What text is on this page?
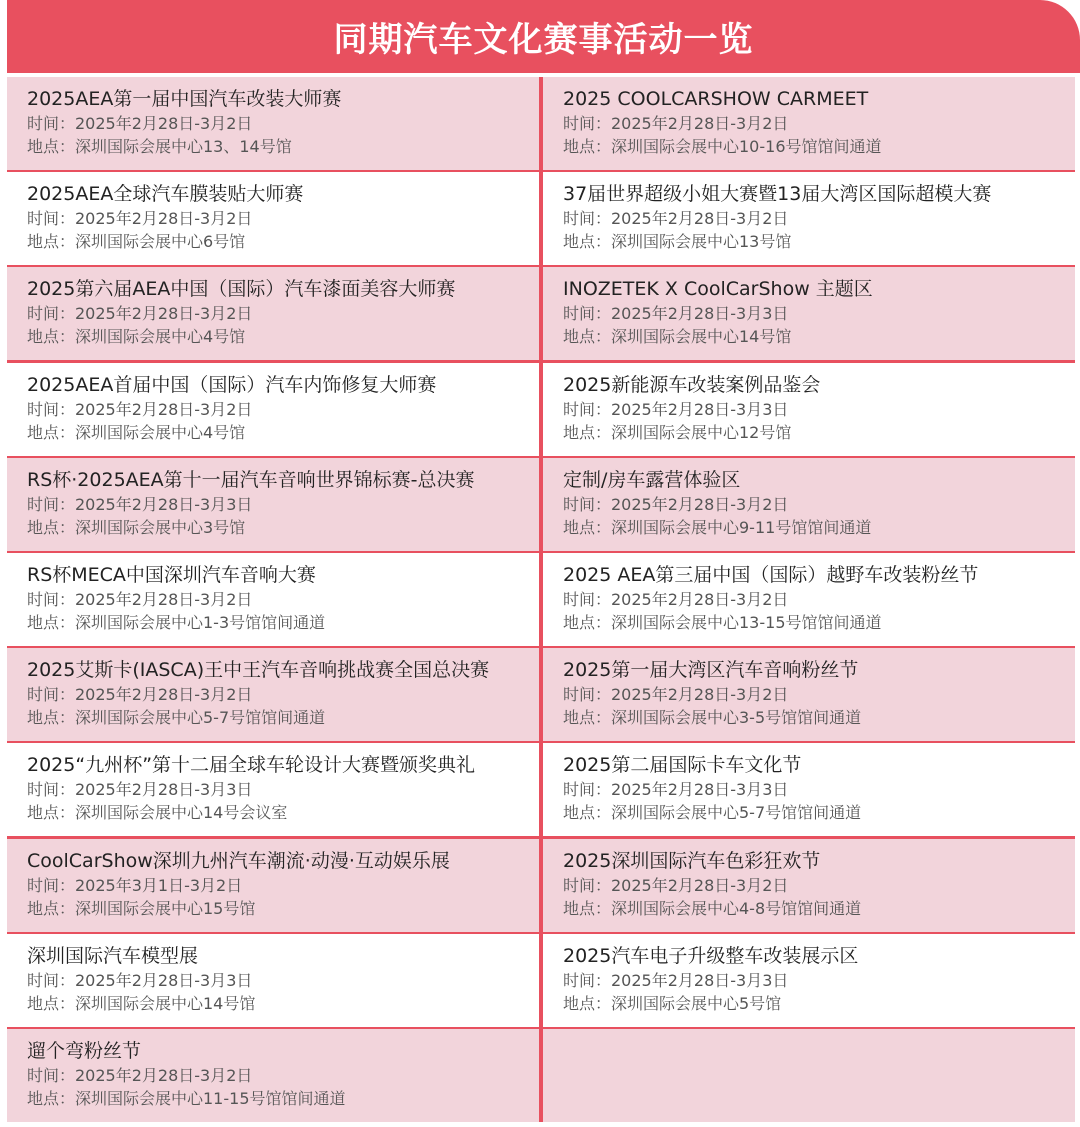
同期汽车文化赛事活动一览
2025AEA第一届中国汽车改装大师赛
时间：2025年2月28日-3月2日
地点：深圳国际会展中心13、14号馆
2025 COOLCARSHOW CARMEET
时间：2025年2月28日-3月2日
地点：深圳国际会展中心10-16号馆馆间通道
2025AEA全球汽车膜装贴大师赛
时间：2025年2月28日-3月2日
地点：深圳国际会展中心6号馆
37届世界超级小姐大赛暨13届大湾区国际超模大赛
时间：2025年2月28日-3月2日
地点：深圳国际会展中心13号馆
2025第六届AEA中国（国际）汽车漆面美容大师赛
时间：2025年2月28日-3月2日
地点：深圳国际会展中心4号馆
INOZETEK X CoolCarShow 主题区
时间：2025年2月28日-3月3日
地点：深圳国际会展中心14号馆
2025AEA首届中国（国际）汽车内饰修复大师赛
时间：2025年2月28日-3月2日
地点：深圳国际会展中心4号馆
2025新能源车改装案例品鉴会
时间：2025年2月28日-3月3日
地点：深圳国际会展中心12号馆
RS杯·2025AEA第十一届汽车音响世界锦标赛-总决赛
时间：2025年2月28日-3月3日
地点：深圳国际会展中心3号馆
定制/房车露营体验区
时间：2025年2月28日-3月2日
地点：深圳国际会展中心9-11号馆馆间通道
RS杯MECA中国深圳汽车音响大赛
时间：2025年2月28日-3月2日
地点：深圳国际会展中心1-3号馆馆间通道
2025 AEA第三届中国（国际）越野车改装粉丝节
时间：2025年2月28日-3月2日
地点：深圳国际会展中心13-15号馆馆间通道
2025艾斯卡(IASCA)王中王汽车音响挑战赛全国总决赛
时间：2025年2月28日-3月2日
地点：深圳国际会展中心5-7号馆馆间通道
2025第一届大湾区汽车音响粉丝节
时间：2025年2月28日-3月2日
地点：深圳国际会展中心3-5号馆馆间通道
2025“九州杯”第十二届全球车轮设计大赛暨颁奖典礼
时间：2025年2月28日-3月3日
地点：深圳国际会展中心14号会议室
2025第二届国际卡车文化节
时间：2025年2月28日-3月3日
地点：深圳国际会展中心5-7号馆馆间通道
CoolCarShow深圳九州汽车潮流·动漫·互动娱乐展
时间：2025年3月1日-3月2日
地点：深圳国际会展中心15号馆
2025深圳国际汽车色彩狂欢节
时间：2025年2月28日-3月2日
地点：深圳国际会展中心4-8号馆馆间通道
深圳国际汽车模型展
时间：2025年2月28日-3月3日
地点：深圳国际会展中心14号馆
2025汽车电子升级整车改装展示区
时间：2025年2月28日-3月3日
地点：深圳国际会展中心5号馆
遛个弯粉丝节
时间：2025年2月28日-3月2日
地点：深圳国际会展中心11-15号馆馆间通道
